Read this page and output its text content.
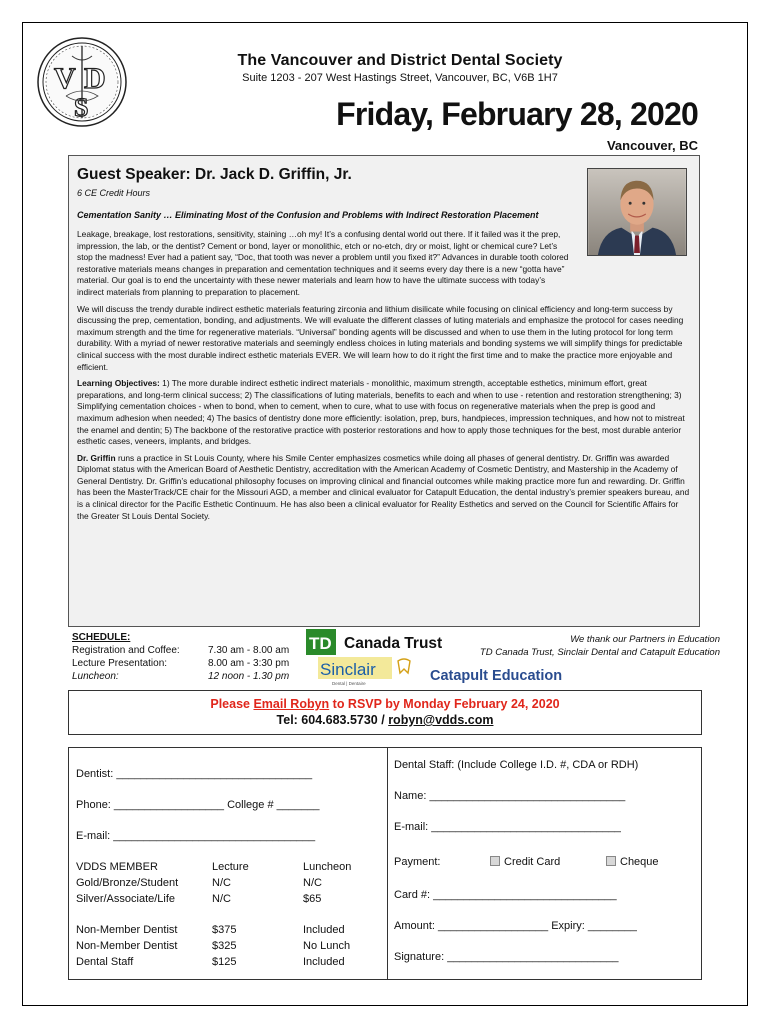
V D
S
The Vancouver and District Dental Society
Suite 1203 - 207 West Hastings Street, Vancouver, BC, V6B 1H7
Friday, February 28, 2020
Vancouver, BC
Guest Speaker: Dr. Jack D. Griffin, Jr.
6 CE Credit Hours
Cementation Sanity … Eliminating Most of the Confusion and Problems with Indirect Restoration Placement
Leakage, breakage, lost restorations, sensitivity, staining …oh my! It’s a confusing dental world out there. If it failed was it the prep, impression, the lab, or the dentist? Cement or bond, layer or monolithic, etch or no-etch, dry or moist, light or chemical cure? Let’s stop the madness! Ever had a patient say, “Doc, that tooth was never a problem until you fixed it?” Advances in durable tooth colored restorative materials means changes in preparation and cementation techniques and it seems every day there is a new “gotta have” material. Our goal is to end the uncertainty with these newer materials and learn how to have the ultimate success with today’s indirect materials from planning to preparation to placement.
We will discuss the trendy durable indirect esthetic materials featuring zirconia and lithium disilicate while focusing on clinical efficiency and long-term success by discussing the prep, cementation, bonding, and adjustments. We will evaluate the different classes of luting materials and emphasize the protocol for cases needing maximum strength and the time for regenerative materials. “Universal” bonding agents will be discussed and when to use them in the luting protocol for long term durability. With a myriad of newer restorative materials and seemingly endless choices in luting materials and bonding systems we will simplify things for predictable clinical success with the most durable indirect esthetic materials EVER. We will learn how to do it right the first time and to make the practice more enjoyable and efficient.
Learning Objectives: 1) The more durable indirect esthetic indirect materials - monolithic, maximum strength, acceptable esthetics, minimum effort, great preparations, and long-term clinical success; 2) The classifications of luting materials, benefits to each and when to use - retention and restoration strengthening; 3) Simplifying cementation choices - when to bond, when to cement, when to cure, what to use with focus on regenerative materials when the prep is good and maximum adhesion when needed; 4) The basics of dentistry done more efficiently: isolation, prep, burs, handpieces, impression techniques, and how not to mistreat the enamel and dentin; 5) The backbone of the restorative practice with posterior restorations and how to apply those techniques for the best, most durable anterior esthetic cases, veneers, implants, and bridges.
Dr. Griffin runs a practice in St Louis County, where his Smile Center emphasizes cosmetics while doing all phases of general dentistry. Dr. Griffin was awarded Diplomat status with the American Board of Aesthetic Dentistry, accreditation with the American Academy of Cosmetic Dentistry, and Mastership in the Academy of General Dentistry. Dr. Griffin’s educational philosophy focuses on improving clinical and financial outcomes while making practice more fun and rewarding. Dr. Griffin has been the MasterTrack/CE chair for the Missouri AGD, a member and clinical evaluator for Catapult Education, the dental industry’s premier speakers bureau, and is a clinical director for the Pacific Esthetic Continuum. He has also been a clinical evaluator for Reality Esthetics and served on the Council for Scientific Affairs for the Greater St Louis Dental Society.
SCHEDULE:
Registration and Coffee:	7.30 am - 8.00 am
Lecture Presentation:	8.00 am - 3:30 pm
Luncheon:	12 noon - 1.30 pm
TD Canada Trust
Sinclair
Dental | Dentaire	Catapult Education
We thank our Partners in Education
TD Canada Trust, Sinclair Dental and Catapult Education
Please Email Robyn to RSVP by Monday February 24, 2020
Tel: 604.683.5730 / robyn@vdds.com
Dentist: ________________________________
Phone: __________________ College # _______
E-mail: _________________________________
VDDS MEMBER	Lecture	Luncheon
Gold/Bronze/Student	N/C	N/C
Silver/Associate/Life	N/C	$65
Non-Member Dentist	$375	Included
Non-Member Dentist	$325	No Lunch
Dental Staff	$125	Included
Dental Staff: (Include College I.D. #, CDA or RDH)
Name: ________________________________
E-mail: _______________________________
Payment:	Credit Card	Cheque
Card #: ______________________________
Amount: __________________ Expiry: ________
Signature: ____________________________
